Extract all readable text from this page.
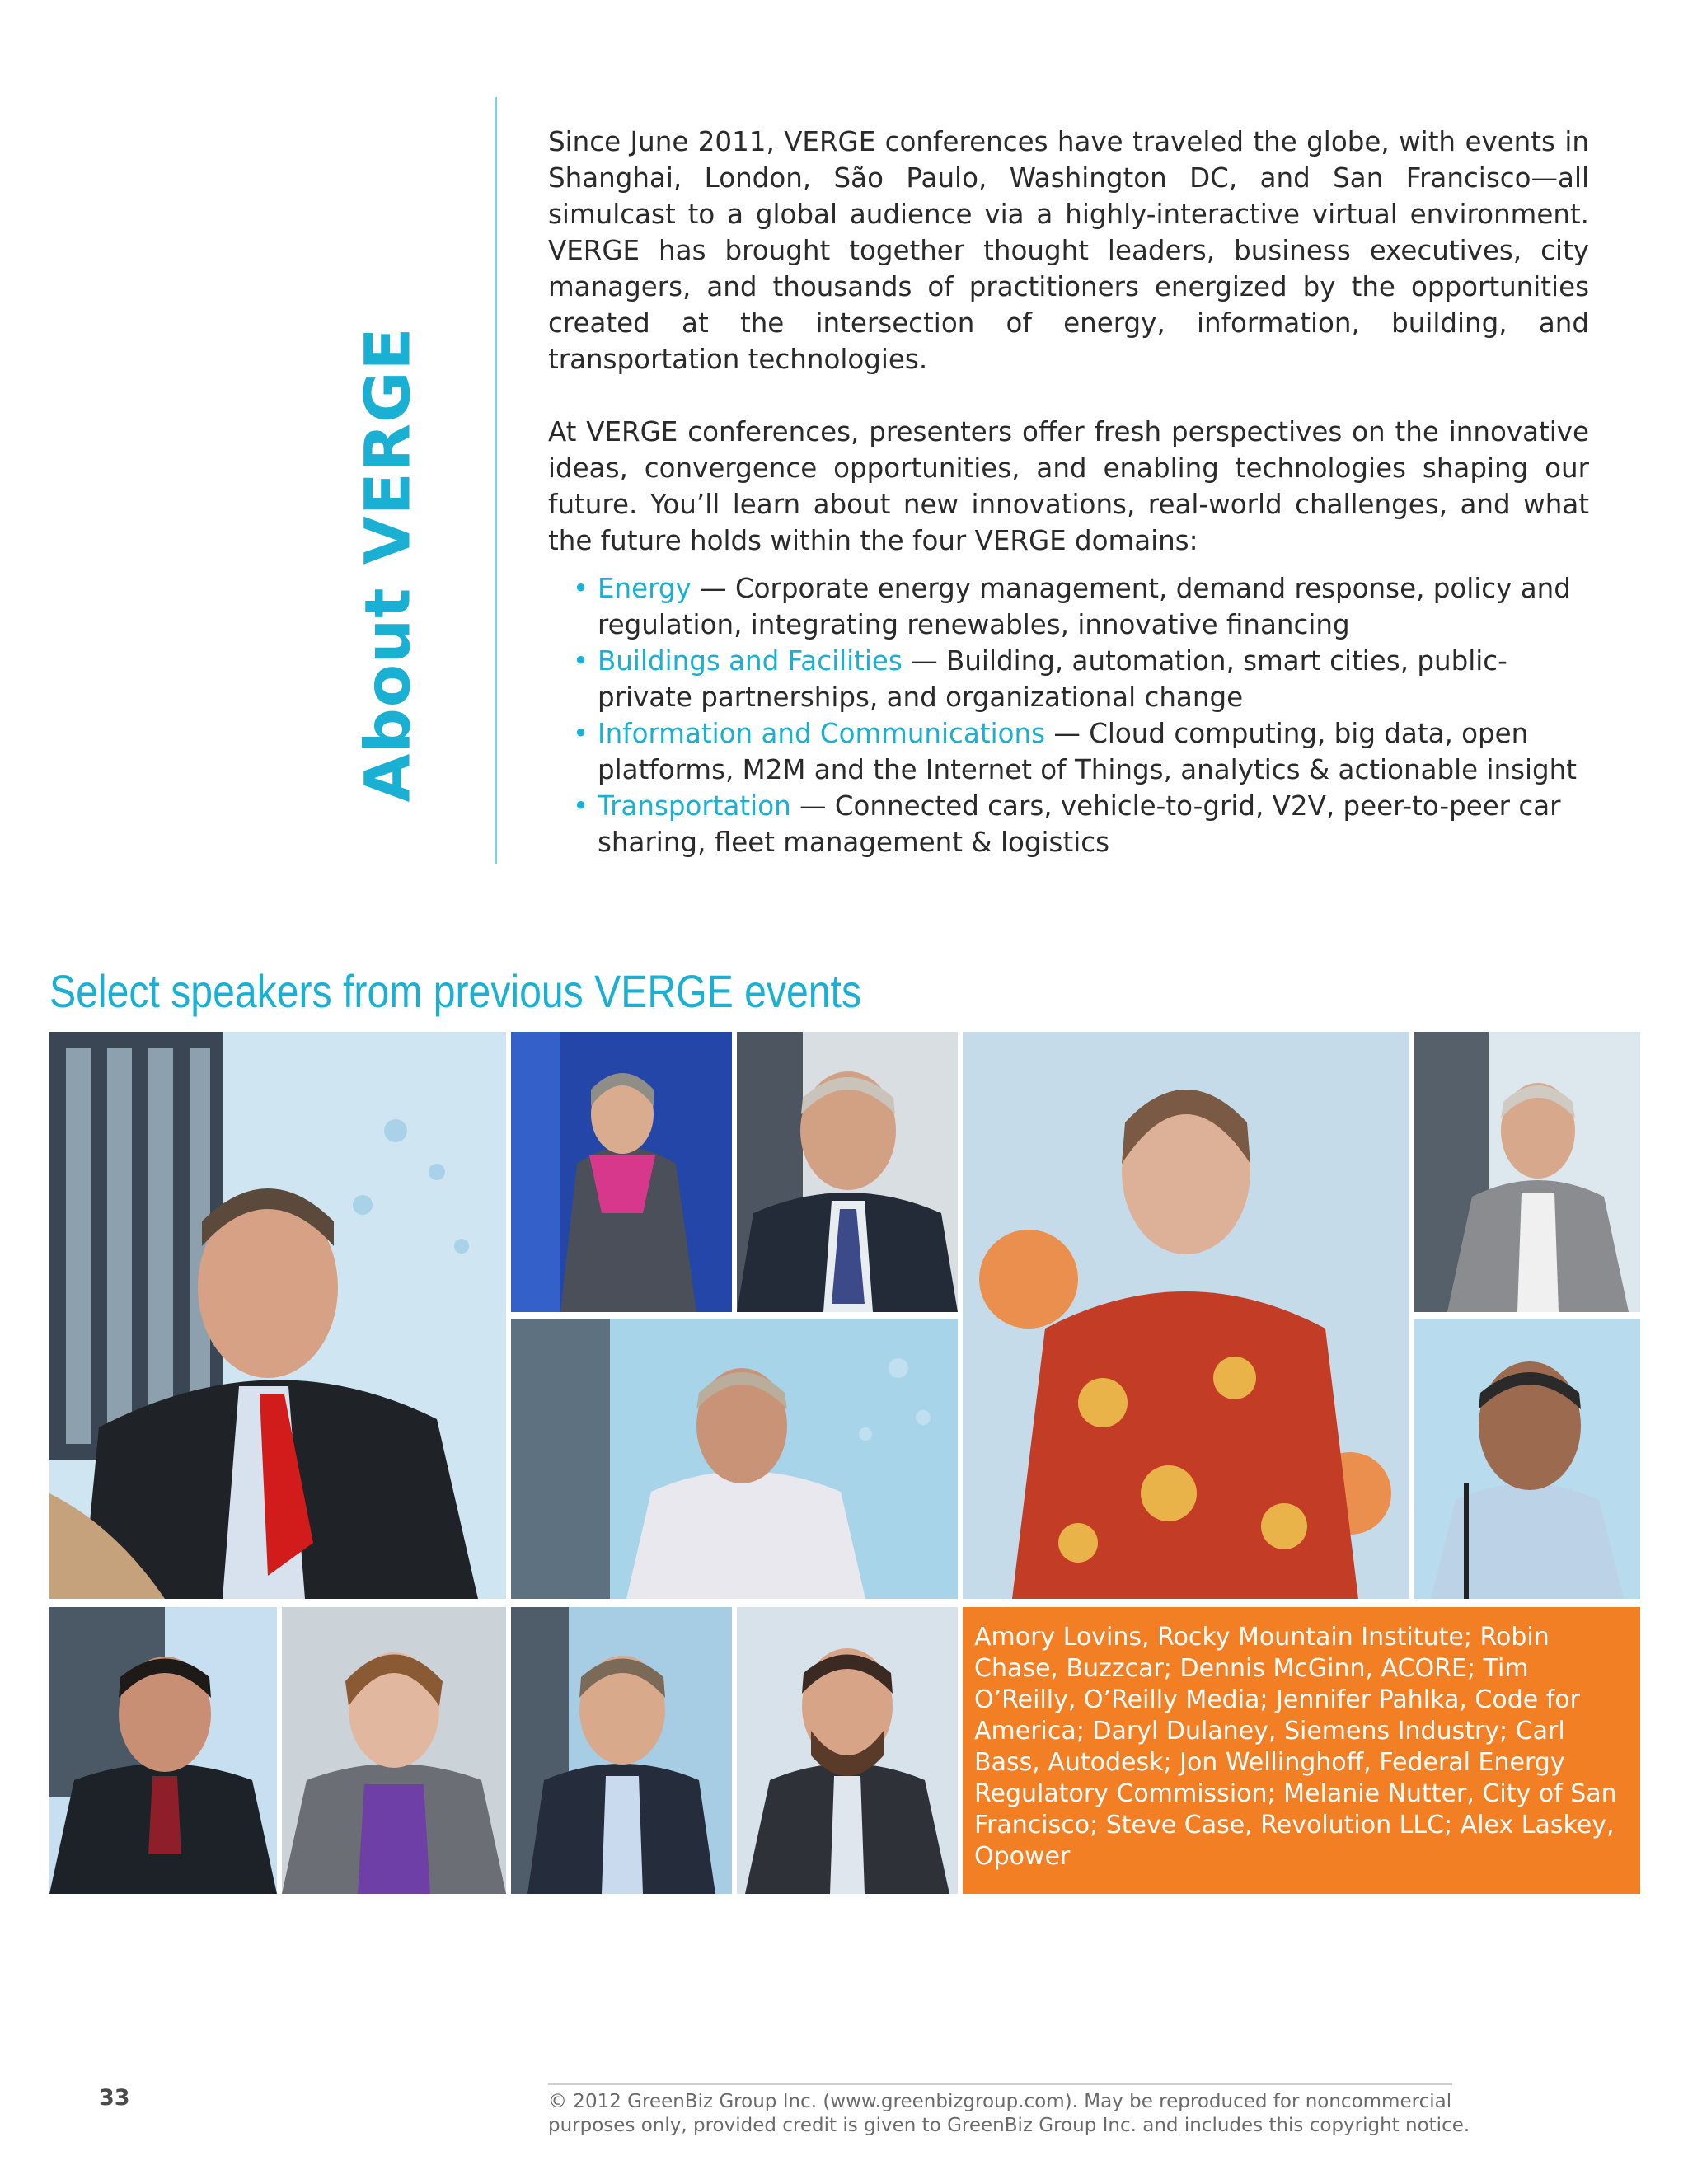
About VERGE

Since June 2011, VERGE conferences have traveled the globe, with events in Shanghai, London, São Paulo, Washington DC, and San Francisco—all simulcast to a global audience via a highly-interactive virtual environment. VERGE has brought together thought leaders, business executives, city managers, and thousands of practitioners energized by the opportunities created at the intersection of energy, information, building, and transportation technologies.

At VERGE conferences, presenters offer fresh perspectives on the innovative ideas, convergence opportunities, and enabling technologies shaping our future. You’ll learn about new innovations, real-world challenges, and what the future holds within the four VERGE domains:

• Energy — Corporate energy management, demand response, policy and regulation, integrating renewables, innovative financing
• Buildings and Facilities — Building, automation, smart cities, public-private partnerships, and organizational change
• Information and Communications — Cloud computing, big data, open platforms, M2M and the Internet of Things, analytics & actionable insight
• Transportation — Connected cars, vehicle-to-grid, V2V, peer-to-peer car sharing, fleet management & logistics
Select speakers from previous VERGE events

Amory Lovins, Rocky Mountain Institute; Robin Chase, Buzzcar; Dennis McGinn, ACORE; Tim O’Reilly, O’Reilly Media; Jennifer Pahlka, Code for America; Daryl Dulaney, Siemens Industry; Carl Bass, Autodesk; Jon Wellinghoff, Federal Energy Regulatory Commission; Melanie Nutter, City of San Francisco; Steve Case, Revolution LLC; Alex Laskey, Opower

33	© 2012 GreenBiz Group Inc. (www.greenbizgroup.com). May be reproduced for noncommercial purposes only, provided credit is given to GreenBiz Group Inc. and includes this copyright notice.
